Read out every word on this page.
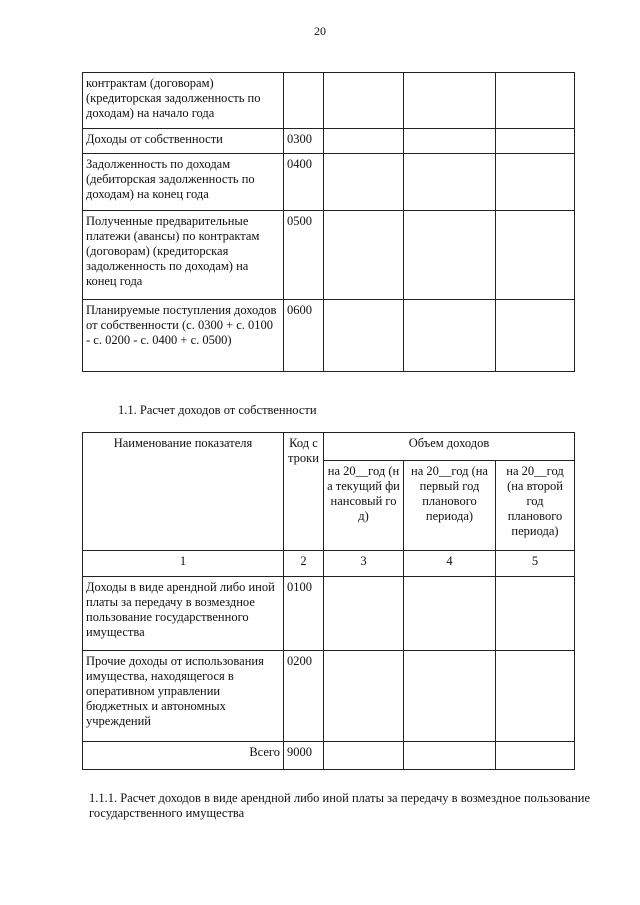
20
контрактам (договорам) (кредиторская задолженность по доходам) на начало года				
Доходы от собственности	0300			
Задолженность по доходам (дебиторская задолженность по доходам) на конец года	0400			
Полученные предварительные платежи (авансы) по контрактам (договорам) (кредиторская задолженность по доходам) на конец года	0500			
Планируемые поступления доходов от собственности (с. 0300 + с. 0100 - с. 0200 - с. 0400 + с. 0500)	0600			
1.1. Расчет доходов от собственности
Наименование показателя	Код строки	Объем доходов		
		на 20__год (на текущий финансовый год)	на 20__год (на первый год планового периода)	на 20__год (на второй год планового периода)
1	2	3	4	5
Доходы в виде арендной либо иной платы за передачу в возмездное пользование государственного имущества	0100			
Прочие доходы от использования имущества, находящегося в оперативном управлении бюджетных и автономных учреждений	0200			
Всего	9000			
1.1.1. Расчет доходов в виде арендной либо иной платы за передачу в возмездное пользование государственного имущества
